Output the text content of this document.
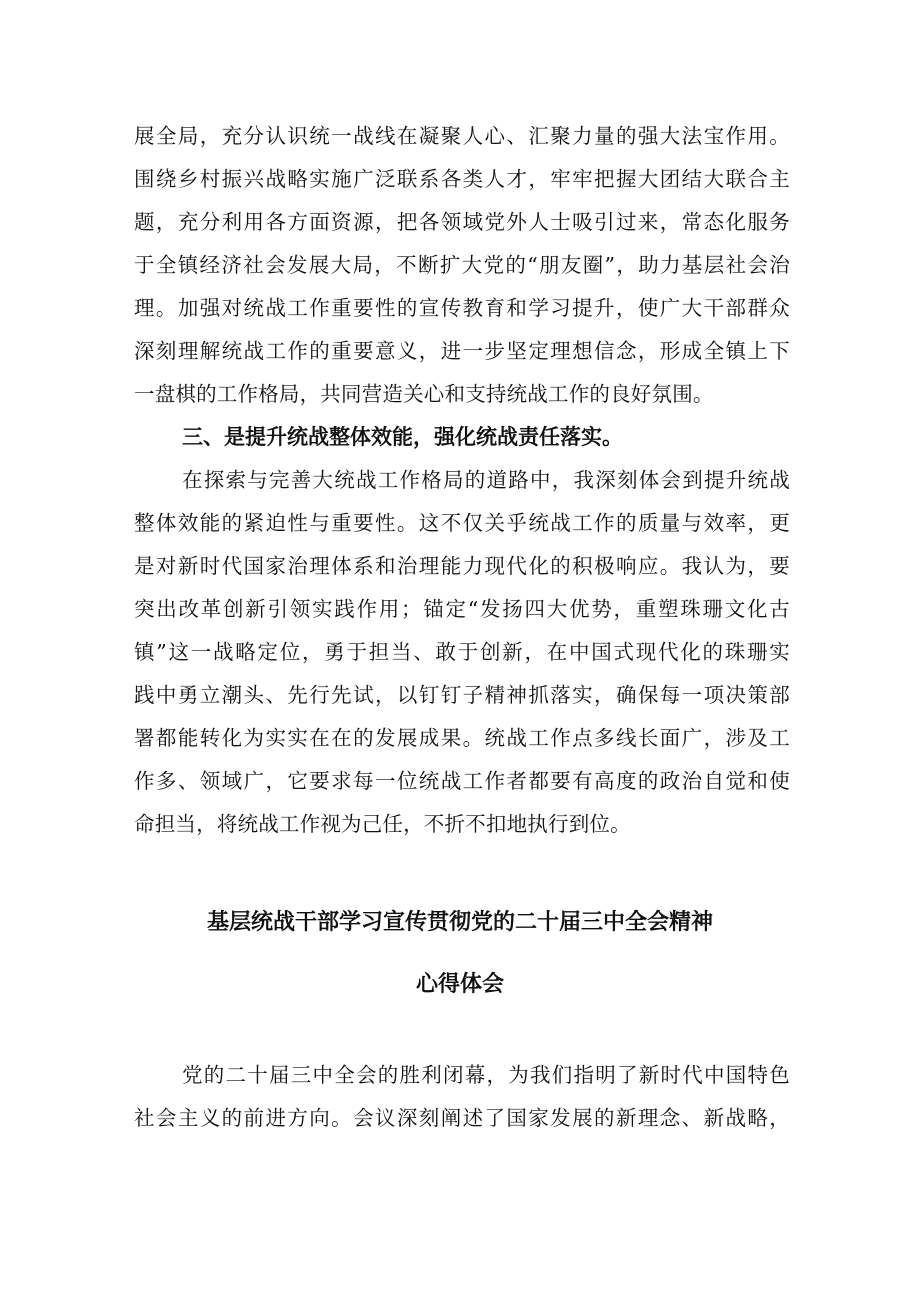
展全局，充分认识统一战线在凝聚人心、汇聚力量的强大法宝作用。
围绕乡村振兴战略实施广泛联系各类人才，牢牢把握大团结大联合主
题，充分利用各方面资源，把各领域党外人士吸引过来，常态化服务
于全镇经济社会发展大局，不断扩大党的“朋友圈”，助力基层社会治
理。加强对统战工作重要性的宣传教育和学习提升，使广大干部群众
深刻理解统战工作的重要意义，进一步坚定理想信念，形成全镇上下
一盘棋的工作格局，共同营造关心和支持统战工作的良好氛围。
三、是提升统战整体效能，强化统战责任落实。
在探索与完善大统战工作格局的道路中，我深刻体会到提升统战
整体效能的紧迫性与重要性。这不仅关乎统战工作的质量与效率，更
是对新时代国家治理体系和治理能力现代化的积极响应。我认为，要
突出改革创新引领实践作用；锚定“发扬四大优势，重塑珠珊文化古
镇”这一战略定位，勇于担当、敢于创新，在中国式现代化的珠珊实
践中勇立潮头、先行先试，以钉钉子精神抓落实，确保每一项决策部
署都能转化为实实在在的发展成果。统战工作点多线长面广，涉及工
作多、领域广，它要求每一位统战工作者都要有高度的政治自觉和使
命担当，将统战工作视为己任，不折不扣地执行到位。
基层统战干部学习宣传贯彻党的二十届三中全会精神
心得体会
党的二十届三中全会的胜利闭幕，为我们指明了新时代中国特色
社会主义的前进方向。会议深刻阐述了国家发展的新理念、新战略，
